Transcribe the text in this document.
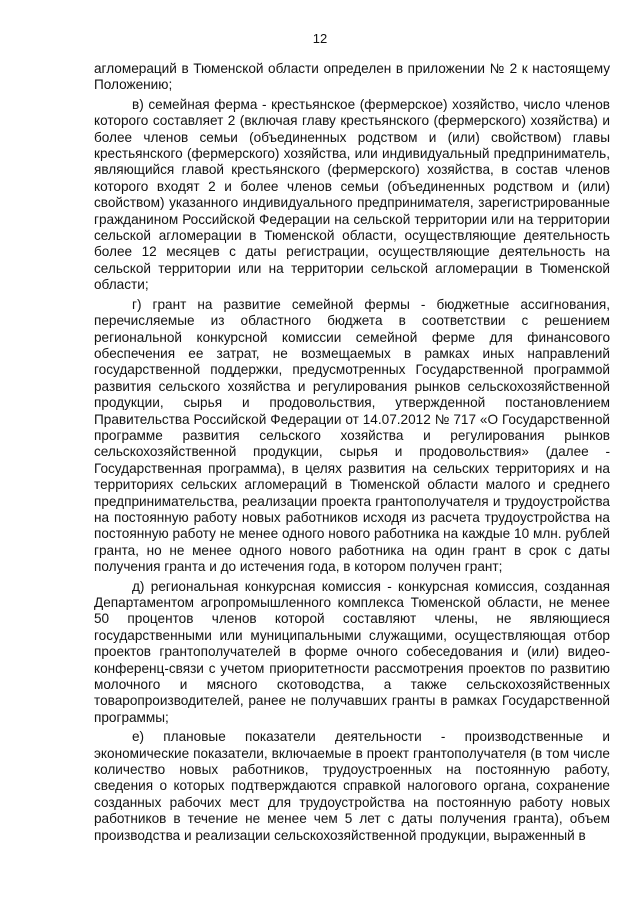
12

агломераций в Тюменской области определен в приложении № 2 к настоящему Положению;

в) семейная ферма - крестьянское (фермерское) хозяйство, число членов которого составляет 2 (включая главу крестьянского (фермерского) хозяйства) и более членов семьи (объединенных родством и (или) свойством) главы крестьянского (фермерского) хозяйства, или индивидуальный предприниматель, являющийся главой крестьянского (фермерского) хозяйства, в состав членов которого входят 2 и более членов семьи (объединенных родством и (или) свойством) указанного индивидуального предпринимателя, зарегистрированные гражданином Российской Федерации на сельской территории или на территории сельской агломерации в Тюменской области, осуществляющие деятельность более 12 месяцев с даты регистрации, осуществляющие деятельность на сельской территории или на территории сельской агломерации в Тюменской области;

г) грант на развитие семейной фермы - бюджетные ассигнования, перечисляемые из областного бюджета в соответствии с решением региональной конкурсной комиссии семейной ферме для финансового обеспечения ее затрат, не возмещаемых в рамках иных направлений государственной поддержки, предусмотренных Государственной программой развития сельского хозяйства и регулирования рынков сельскохозяйственной продукции, сырья и продовольствия, утвержденной постановлением Правительства Российской Федерации от 14.07.2012 № 717 «О Государственной программе развития сельского хозяйства и регулирования рынков сельскохозяйственной продукции, сырья и продовольствия» (далее - Государственная программа), в целях развития на сельских территориях и на территориях сельских агломераций в Тюменской области малого и среднего предпринимательства, реализации проекта грантополучателя и трудоустройства на постоянную работу новых работников исходя из расчета трудоустройства на постоянную работу не менее одного нового работника на каждые 10 млн. рублей гранта, но не менее одного нового работника на один грант в срок с даты получения гранта и до истечения года, в котором получен грант;

д) региональная конкурсная комиссия - конкурсная комиссия, созданная Департаментом агропромышленного комплекса Тюменской области, не менее 50 процентов членов которой составляют члены, не являющиеся государственными или муниципальными служащими, осуществляющая отбор проектов грантополучателей в форме очного собеседования и (или) видео-конференц-связи с учетом приоритетности рассмотрения проектов по развитию молочного и мясного скотоводства, а также сельскохозяйственных товаропроизводителей, ранее не получавших гранты в рамках Государственной программы;

е) плановые показатели деятельности - производственные и экономические показатели, включаемые в проект грантополучателя (в том числе количество новых работников, трудоустроенных на постоянную работу, сведения о которых подтверждаются справкой налогового органа, сохранение созданных рабочих мест для трудоустройства на постоянную работу новых работников в течение не менее чем 5 лет с даты получения гранта), объем производства и реализации сельскохозяйственной продукции, выраженный в
